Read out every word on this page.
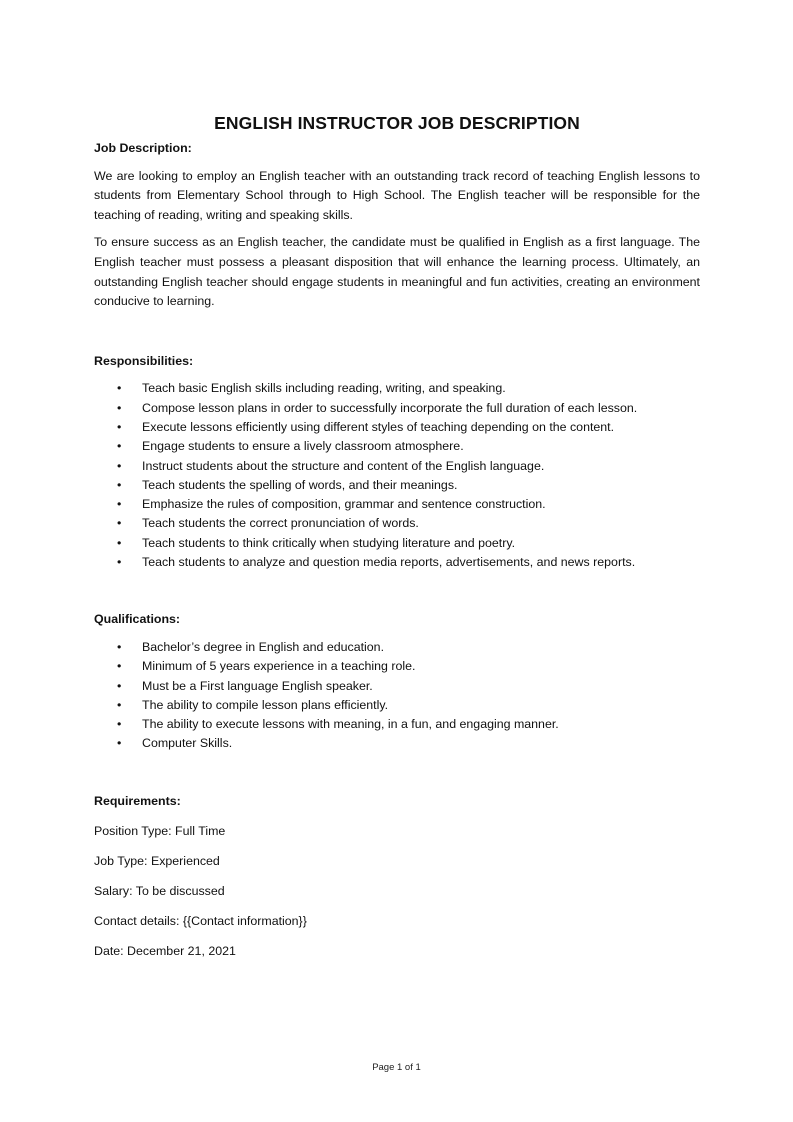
ENGLISH INSTRUCTOR JOB DESCRIPTION

Job Description:

We are looking to employ an English teacher with an outstanding track record of teaching English lessons to students from Elementary School through to High School. The English teacher will be responsible for the teaching of reading, writing and speaking skills.

To ensure success as an English teacher, the candidate must be qualified in English as a first language. The English teacher must possess a pleasant disposition that will enhance the learning process. Ultimately, an outstanding English teacher should engage students in meaningful and fun activities, creating an environment conducive to learning.

Responsibilities:

• Teach basic English skills including reading, writing, and speaking.
• Compose lesson plans in order to successfully incorporate the full duration of each lesson.
• Execute lessons efficiently using different styles of teaching depending on the content.
• Engage students to ensure a lively classroom atmosphere.
• Instruct students about the structure and content of the English language.
• Teach students the spelling of words, and their meanings.
• Emphasize the rules of composition, grammar and sentence construction.
• Teach students the correct pronunciation of words.
• Teach students to think critically when studying literature and poetry.
• Teach students to analyze and question media reports, advertisements, and news reports.

Qualifications:

• Bachelor’s degree in English and education.
• Minimum of 5 years experience in a teaching role.
• Must be a First language English speaker.
• The ability to compile lesson plans efficiently.
• The ability to execute lessons with meaning, in a fun, and engaging manner.
• Computer Skills.

Requirements:

Position Type: Full Time

Job Type: Experienced

Salary: To be discussed

Contact details: {{Contact information}}

Date: December 21, 2021

Page 1 of 1
